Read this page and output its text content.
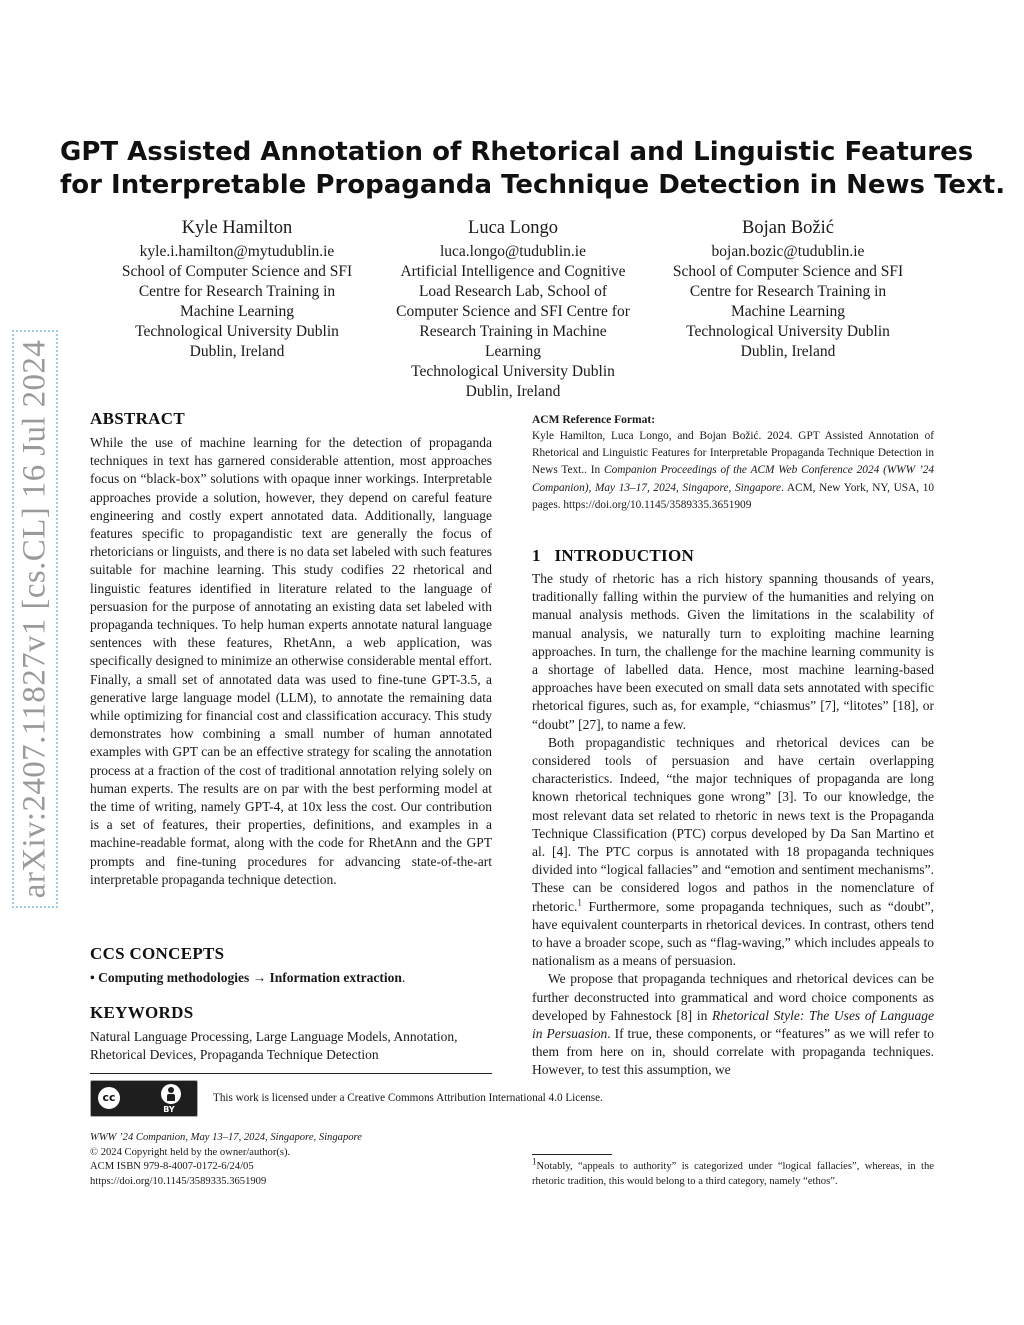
arXiv:2407.11827v1 [cs.CL] 16 Jul 2024
GPT Assisted Annotation of Rhetorical and Linguistic Features
for Interpretable Propaganda Technique Detection in News Text.
Kyle Hamilton
kyle.i.hamilton@mytudublin.ie
School of Computer Science and SFI
Centre for Research Training in
Machine Learning
Technological University Dublin
Dublin, Ireland
Luca Longo
luca.longo@tudublin.ie
Artificial Intelligence and Cognitive
Load Research Lab, School of
Computer Science and SFI Centre for
Research Training in Machine
Learning
Technological University Dublin
Dublin, Ireland
Bojan Božić
bojan.bozic@tudublin.ie
School of Computer Science and SFI
Centre for Research Training in
Machine Learning
Technological University Dublin
Dublin, Ireland
ABSTRACT

While the use of machine learning for the detection of propaganda techniques in text has garnered considerable attention, most approaches focus on “black-box” solutions with opaque inner workings. Interpretable approaches provide a solution, however, they depend on careful feature engineering and costly expert annotated data. Additionally, language features specific to propagandistic text are generally the focus of rhetoricians or linguists, and there is no data set labeled with such features suitable for machine learning. This study codifies 22 rhetorical and linguistic features identified in literature related to the language of persuasion for the purpose of annotating an existing data set labeled with propaganda techniques. To help human experts annotate natural language sentences with these features, RhetAnn, a web application, was specifically designed to minimize an otherwise considerable mental effort. Finally, a small set of annotated data was used to fine-tune GPT-3.5, a generative large language model (LLM), to annotate the remaining data while optimizing for financial cost and classification accuracy. This study demonstrates how combining a small number of human annotated examples with GPT can be an effective strategy for scaling the annotation process at a fraction of the cost of traditional annotation relying solely on human experts. The results are on par with the best performing model at the time of writing, namely GPT-4, at 10x less the cost. Our contribution is a set of features, their properties, definitions, and examples in a machine-readable format, along with the code for RhetAnn and the GPT prompts and fine-tuning procedures for advancing state-of-the-art interpretable propaganda technique detection.

CCS CONCEPTS

• Computing methodologies → Information extraction.

KEYWORDS

Natural Language Processing, Large Language Models, Annotation, Rhetorical Devices, Propaganda Technique Detection

cc
BY
This work is licensed under a Creative Commons Attribution International 4.0 License.
WWW ’24 Companion, May 13–17, 2024, Singapore, Singapore
© 2024 Copyright held by the owner/author(s).
ACM ISBN 979-8-4007-0172-6/24/05
https://doi.org/10.1145/3589335.3651909
ACM Reference Format:
Kyle Hamilton, Luca Longo, and Bojan Božić. 2024. GPT Assisted Annotation of Rhetorical and Linguistic Features for Interpretable Propaganda Technique Detection in News Text.. In Companion Proceedings of the ACM Web Conference 2024 (WWW ’24 Companion), May 13–17, 2024, Singapore, Singapore. ACM, New York, NY, USA, 10 pages. https://doi.org/10.1145/3589335.3651909
1   INTRODUCTION

The study of rhetoric has a rich history spanning thousands of years, traditionally falling within the purview of the humanities and relying on manual analysis methods. Given the limitations in the scalability of manual analysis, we naturally turn to exploiting machine learning approaches. In turn, the challenge for the machine learning community is a shortage of labelled data. Hence, most machine learning-based approaches have been executed on small data sets annotated with specific rhetorical figures, such as, for example, “chiasmus” [7], “litotes” [18], or “doubt” [27], to name a few.

Both propagandistic techniques and rhetorical devices can be considered tools of persuasion and have certain overlapping characteristics. Indeed, “the major techniques of propaganda are long known rhetorical techniques gone wrong” [3]. To our knowledge, the most relevant data set related to rhetoric in news text is the Propaganda Technique Classification (PTC) corpus developed by Da San Martino et al. [4]. The PTC corpus is annotated with 18 propaganda techniques divided into “logical fallacies” and “emotion and sentiment mechanisms”. These can be considered logos and pathos in the nomenclature of rhetoric.$^1$ Furthermore, some propaganda techniques, such as “doubt”, have equivalent counterparts in rhetorical devices. In contrast, others tend to have a broader scope, such as “flag-waving,” which includes appeals to nationalism as a means of persuasion.

We propose that propaganda techniques and rhetorical devices can be further deconstructed into grammatical and word choice components as developed by Fahnestock [8] in Rhetorical Style: The Uses of Language in Persuasion. If true, these components, or “features” as we will refer to them from here on in, should correlate with propaganda techniques. However, to test this assumption, we

$^1$Notably, “appeals to authority” is categorized under “logical fallacies”, whereas, in the rhetoric tradition, this would belong to a third category, namely “ethos”.
